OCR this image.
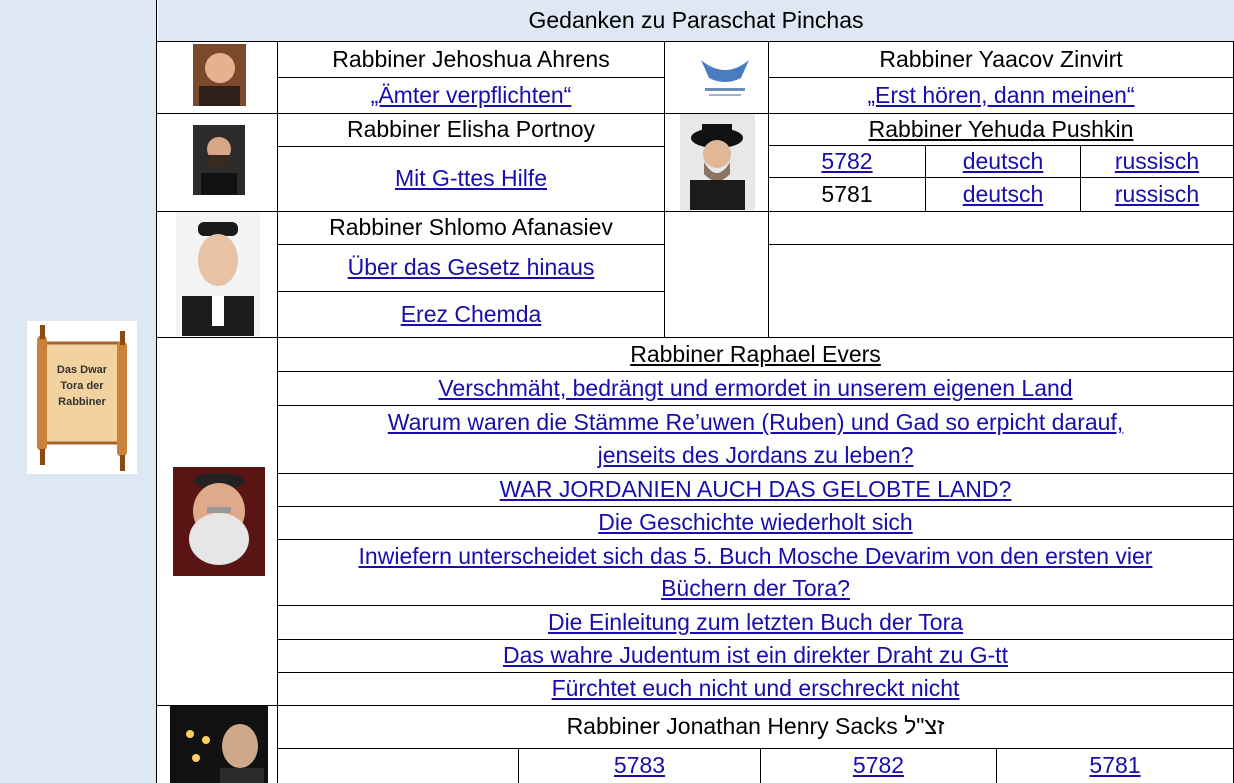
Das Dwar
Tora der
Rabbiner
Gedanken zu Paraschat Pinchas
Rabbiner Jehoshua Ahrens
„Ämter verpflichten“
Rabbiner Yaacov Zinvirt
„Erst hören, dann meinen“
Rabbiner Elisha Portnoy
Mit G-ttes Hilfe
Rabbiner Yehuda Pushkin
5782	deutsch	russisch
5781	deutsch	russisch
Rabbiner Shlomo Afanasiev
Über das Gesetz hinaus
Erez Chemda
Rabbiner Raphael Evers
Verschmäht, bedrängt und ermordet in unserem eigenen Land
Warum waren die Stämme Re’uwen (Ruben) und Gad so erpicht darauf,
jenseits des Jordans zu leben?
WAR JORDANIEN AUCH DAS GELOBTE LAND?
Die Geschichte wiederholt sich
Inwiefern unterscheidet sich das 5. Buch Mosche Devarim von den ersten vier
Büchern der Tora?
Die Einleitung zum letzten Buch der Tora
Das wahre Judentum ist ein direkter Draht zu G-tt
Fürchtet euch nicht und erschreckt nicht
Rabbiner Jonathan Henry Sacks זצ"ל
5783	5782	5781
